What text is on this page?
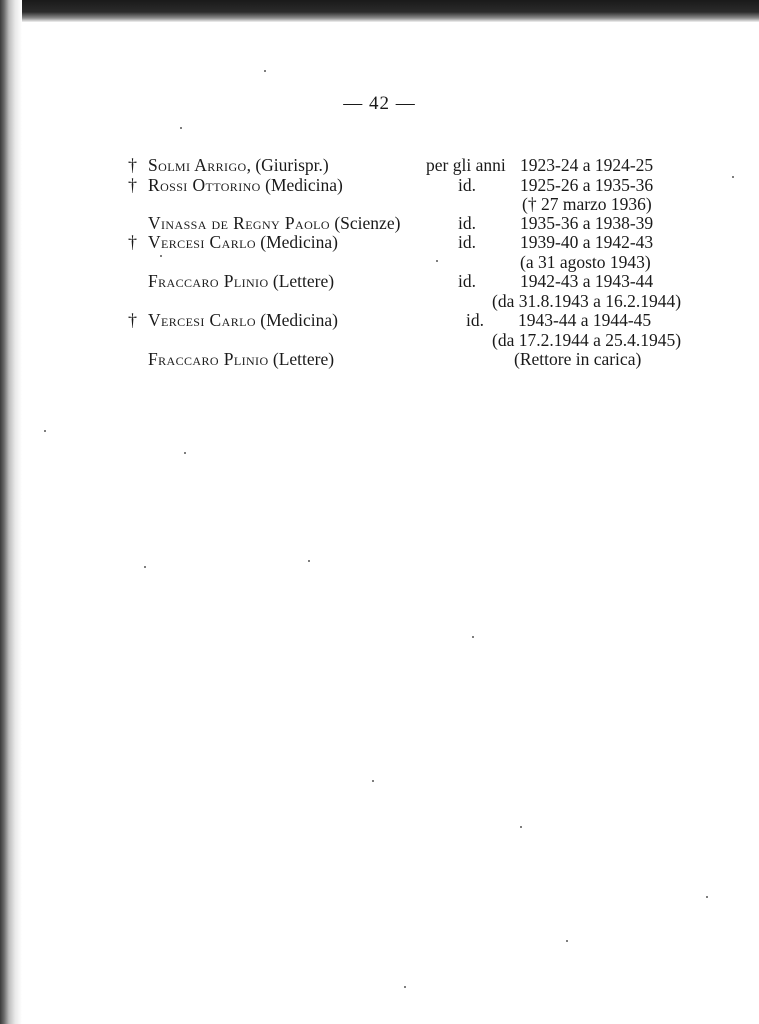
— 42 —
† Solmi Arrigo, (Giurispr.)	per gli anni 1923-24 a 1924-25
† Rossi Ottorino (Medicina)	id.	1925-26 a 1935-36
(† 27 marzo 1936)
Vinassa de Regny Paolo (Scienze)	id.	1935-36 a 1938-39
† Vercesi Carlo (Medicina)	id.	1939-40 a 1942-43
(a 31 agosto 1943)
Fraccaro Plinio (Lettere)	id.	1942-43 a 1943-44
(da 31.8.1943 a 16.2.1944)
† Vercesi Carlo (Medicina)	id. 1943-44 a 1944-45
(da 17.2.1944 a 25.4.1945)
Fraccaro Plinio (Lettere)	(Rettore in carica)
